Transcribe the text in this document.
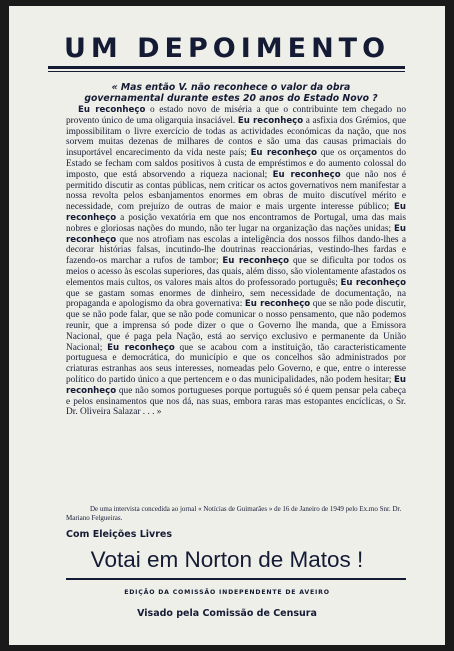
UM DEPOIMENTO
« Mas então V. não reconhece o valor da obra governamental durante estes 20 anos do Estado Novo ?
Eu reconheço o estado novo de miséria a que o contribuinte tem chegado no provento único de uma oligarquia insaciável. Eu reconheço a asfixia dos Grémios, que impossibilitam o livre exercício de todas as actividades económicas da nação, que nos sorvem muitas dezenas de milhares de contos e são uma das causas primaciais do insuportável encarecimento da vida neste país; Eu reconheço que os orçamentos do Estado se fecham com saldos positivos à custa de empréstimos e do aumento colossal do imposto, que está absorvendo a riqueza nacional; Eu reconheço que não nos é permitido discutir as contas públicas, nem criticar os actos governativos nem manifestar a nossa revolta pelos esbanjamentos enormes em obras de muito discutível mérito e necessidade, com prejuízo de outras de maior e mais urgente interesse público; Eu reconheço a posição vexatória em que nos encontramos de Portugal, uma das mais nobres e gloriosas nações do mundo, não ter lugar na organização das nações unidas; Eu reconheço que nos atrofiam nas escolas a inteligência dos nossos filhos dando-lhes a decorar histórias falsas, incutindo-lhe doutrinas reaccionárias, vestindo-lhes fardas e fazendo-os marchar a rufos de tambor; Eu reconheço que se dificulta por todos os meios o acesso às escolas superiores, das quais, além disso, são violentamente afastados os elementos mais cultos, os valores mais altos do professorado português; Eu reconheço que se gastam somas enormes de dinheiro, sem necessidade de documentação, na propaganda e apologismo da obra governativa: Eu reconheço que se não pode discutir, que se não pode falar, que se não pode comunicar o nosso pensamento, que não podemos reunir, que a imprensa só pode dizer o que o Governo lhe manda, que a Emissora Nacional, que é paga pela Nação, está ao serviço exclusivo e permanente da União Nacional; Eu reconheço que se acabou com a instituição, tão caracteristicamente portuguesa e democrática, do município e que os concelhos são administrados por criaturas estranhas aos seus interesses, nomeadas pelo Governo, e que, entre o interesse político do partido único a que pertencem e o das municipalidades, não podem hesitar; Eu reconheço que não somos portugueses porque português só é quem pensar pela cabeça e pelos ensinamentos que nos dá, nas suas, embora raras mas estopantes encíclicas, o Sr. Dr. Oliveira Salazar . . . »
De uma intervista concedida ao jornal « Notícias de Guimarães » de 16 de Janeiro de 1949 pelo Ex.mo Snr. Dr. Mariano Felgueiras.
Com Eleições Livres
Votai em Norton de Matos !
EDIÇÃO DA COMISSÃO INDEPENDENTE DE AVEIRO
Visado pela Comissão de Censura
